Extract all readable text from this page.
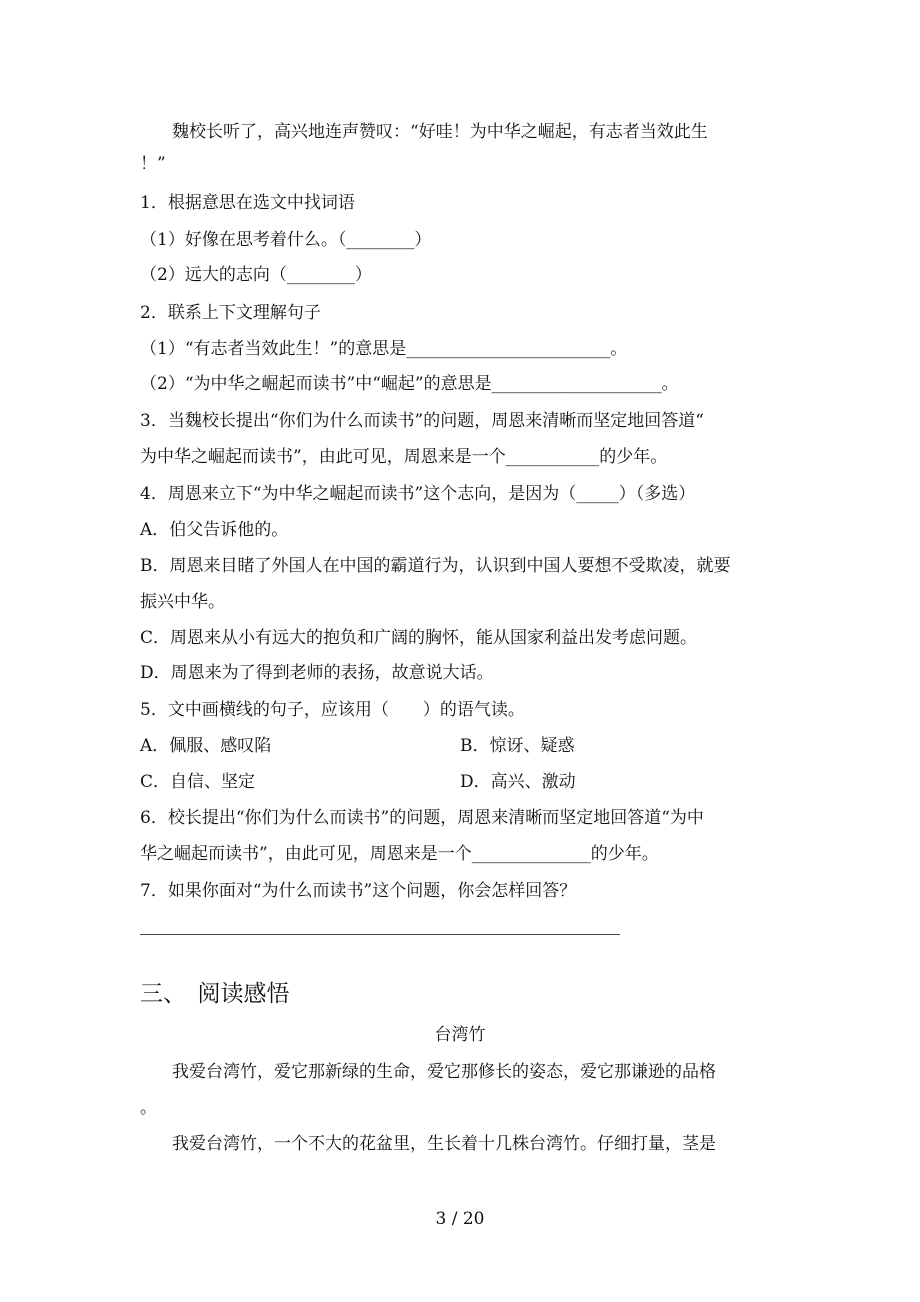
魏校长听了，高兴地连声赞叹：“好哇！为中华之崛起，有志者当效此生
！”
1．根据意思在选文中找词语
（1）好像在思考着什么。（________）
（2）远大的志向（________）
2．联系上下文理解句子
（1）“有志者当效此生！”的意思是________________________。
（2）“为中华之崛起而读书”中“崛起”的意思是____________________。
3．当魏校长提出“你们为什么而读书”的问题，周恩来清晰而坚定地回答道“
为中华之崛起而读书”，由此可见，周恩来是一个___________的少年。
4．周恩来立下“为中华之崛起而读书”这个志向，是因为（_____）（多选）
A．伯父告诉他的。
B．周恩来目睹了外国人在中国的霸道行为，认识到中国人要想不受欺凌，就要
振兴中华。
C．周恩来从小有远大的抱负和广阔的胸怀，能从国家利益出发考虑问题。
D．周恩来为了得到老师的表扬，故意说大话。
5．文中画横线的句子，应该用（　　）的语气读。
A．佩服、感叹陷	B．惊讶、疑惑
C．自信、坚定	D．高兴、激动
6．校长提出“你们为什么而读书”的问题，周恩来清晰而坚定地回答道“为中
华之崛起而读书”，由此可见，周恩来是一个______________的少年。
7．如果你面对“为什么而读书”这个问题，你会怎样回答？
三、　阅读感悟
台湾竹
我爱台湾竹，爱它那新绿的生命，爱它那修长的姿态，爱它那谦逊的品格
。
我爱台湾竹，一个不大的花盆里，生长着十几株台湾竹。仔细打量，茎是
3 / 20
